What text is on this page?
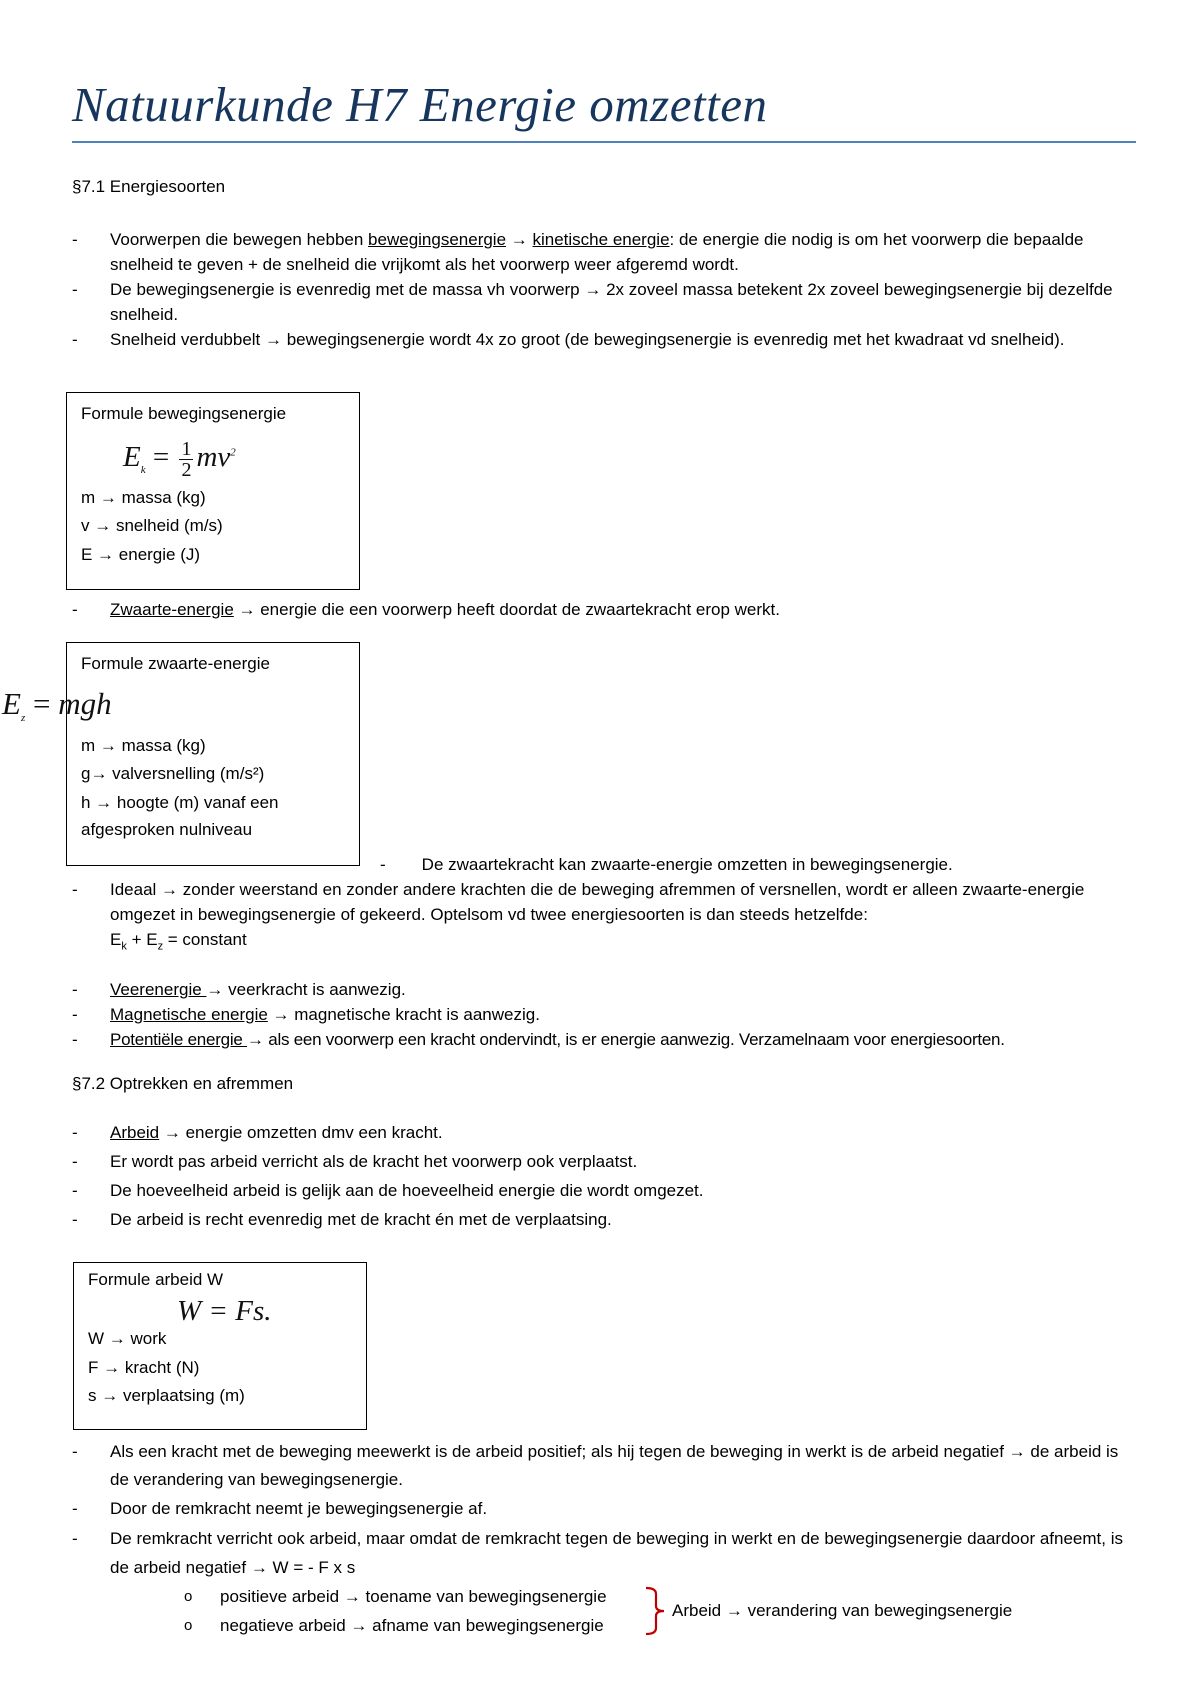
Natuurkunde H7 Energie omzetten
§7.1 Energiesoorten
-	Voorwerpen die bewegen hebben bewegingsenergie → kinetische energie: de energie die nodig is om het voorwerp die bepaalde snelheid te geven + de snelheid die vrijkomt als het voorwerp weer afgeremd wordt.
-	De bewegingsenergie is evenredig met de massa vh voorwerp → 2x zoveel massa betekent 2x zoveel bewegingsenergie bij dezelfde snelheid.
-	Snelheid verdubbelt → bewegingsenergie wordt 4x zo groot (de bewegingsenergie is evenredig met het kwadraat vd snelheid).
Formule bewegingsenergie
$E_k = \frac{1}{2} mv^2$
m → massa (kg)
v → snelheid (m/s)
E → energie (J)
-	Zwaarte-energie → energie die een voorwerp heeft doordat de zwaartekracht erop werkt.
Formule zwaarte-energie
m → massa (kg)
g→ valversnelling (m/s²)
h → hoogte (m) vanaf een
afgesproken nulniveau
$E_z$ = mgh
- De zwaartekracht kan zwaarte-energie omzetten in bewegingsenergie.
-	Ideaal → zonder weerstand en zonder andere krachten die de beweging afremmen of versnellen, wordt er alleen zwaarte-energie omgezet in bewegingsenergie of gekeerd. Optelsom vd twee energiesoorten is dan steeds hetzelfde:
$E_k + E_z$ = constant
-	Veerenergie → veerkracht is aanwezig.
-	Magnetische energie → magnetische kracht is aanwezig.
-	Potentiële energie → als een voorwerp een kracht ondervindt, is er energie aanwezig. Verzamelnaam voor energiesoorten.
§7.2 Optrekken en afremmen
-	Arbeid → energie omzetten dmv een kracht.
-	Er wordt pas arbeid verricht als de kracht het voorwerp ook verplaatst.
-	De hoeveelheid arbeid is gelijk aan de hoeveelheid energie die wordt omgezet.
-	De arbeid is recht evenredig met de kracht én met de verplaatsing.
Formule arbeid W
W = Fs.
W → work
F → kracht (N)
s → verplaatsing (m)
-	Als een kracht met de beweging meewerkt is de arbeid positief; als hij tegen de beweging in werkt is de arbeid negatief → de arbeid is de verandering van bewegingsenergie.
-	Door de remkracht neemt je bewegingsenergie af.
-	De remkracht verricht ook arbeid, maar omdat de remkracht tegen de beweging in werkt en de bewegingsenergie daardoor afneemt, is de arbeid negatief → W = - F x s
o positieve arbeid → toename van bewegingsenergie
o negatieve arbeid → afname van bewegingsenergie
Arbeid → verandering van bewegingsenergie
